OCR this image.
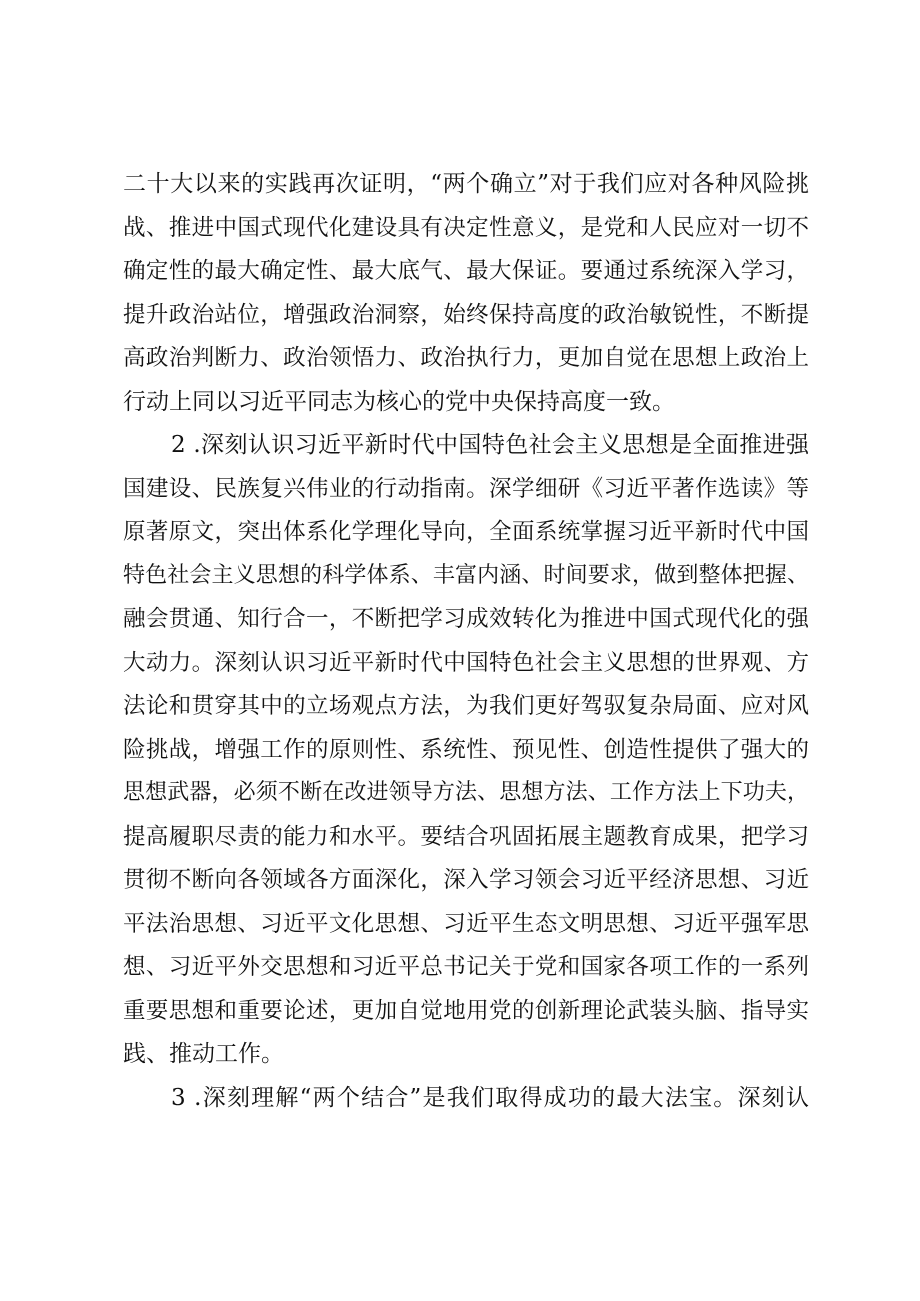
二十大以来的实践再次证明，“两个确立”对于我们应对各种风险挑
战、推进中国式现代化建设具有决定性意义，是党和人民应对一切不
确定性的最大确定性、最大底气、最大保证。要通过系统深入学习，
提升政治站位，增强政治洞察，始终保持高度的政治敏锐性，不断提
高政治判断力、政治领悟力、政治执行力，更加自觉在思想上政治上
行动上同以习近平同志为核心的党中央保持高度一致。
2 .深刻认识习近平新时代中国特色社会主义思想是全面推进强
国建设、民族复兴伟业的行动指南。深学细研《习近平著作选读》等
原著原文，突出体系化学理化导向，全面系统掌握习近平新时代中国
特色社会主义思想的科学体系、丰富内涵、时间要求，做到整体把握、
融会贯通、知行合一，不断把学习成效转化为推进中国式现代化的强
大动力。深刻认识习近平新时代中国特色社会主义思想的世界观、方
法论和贯穿其中的立场观点方法，为我们更好驾驭复杂局面、应对风
险挑战，增强工作的原则性、系统性、预见性、创造性提供了强大的
思想武器，必须不断在改进领导方法、思想方法、工作方法上下功夫，
提高履职尽责的能力和水平。要结合巩固拓展主题教育成果，把学习
贯彻不断向各领域各方面深化，深入学习领会习近平经济思想、习近
平法治思想、习近平文化思想、习近平生态文明思想、习近平强军思
想、习近平外交思想和习近平总书记关于党和国家各项工作的一系列
重要思想和重要论述，更加自觉地用党的创新理论武装头脑、指导实
践、推动工作。
3 .深刻理解“两个结合”是我们取得成功的最大法宝。深刻认
